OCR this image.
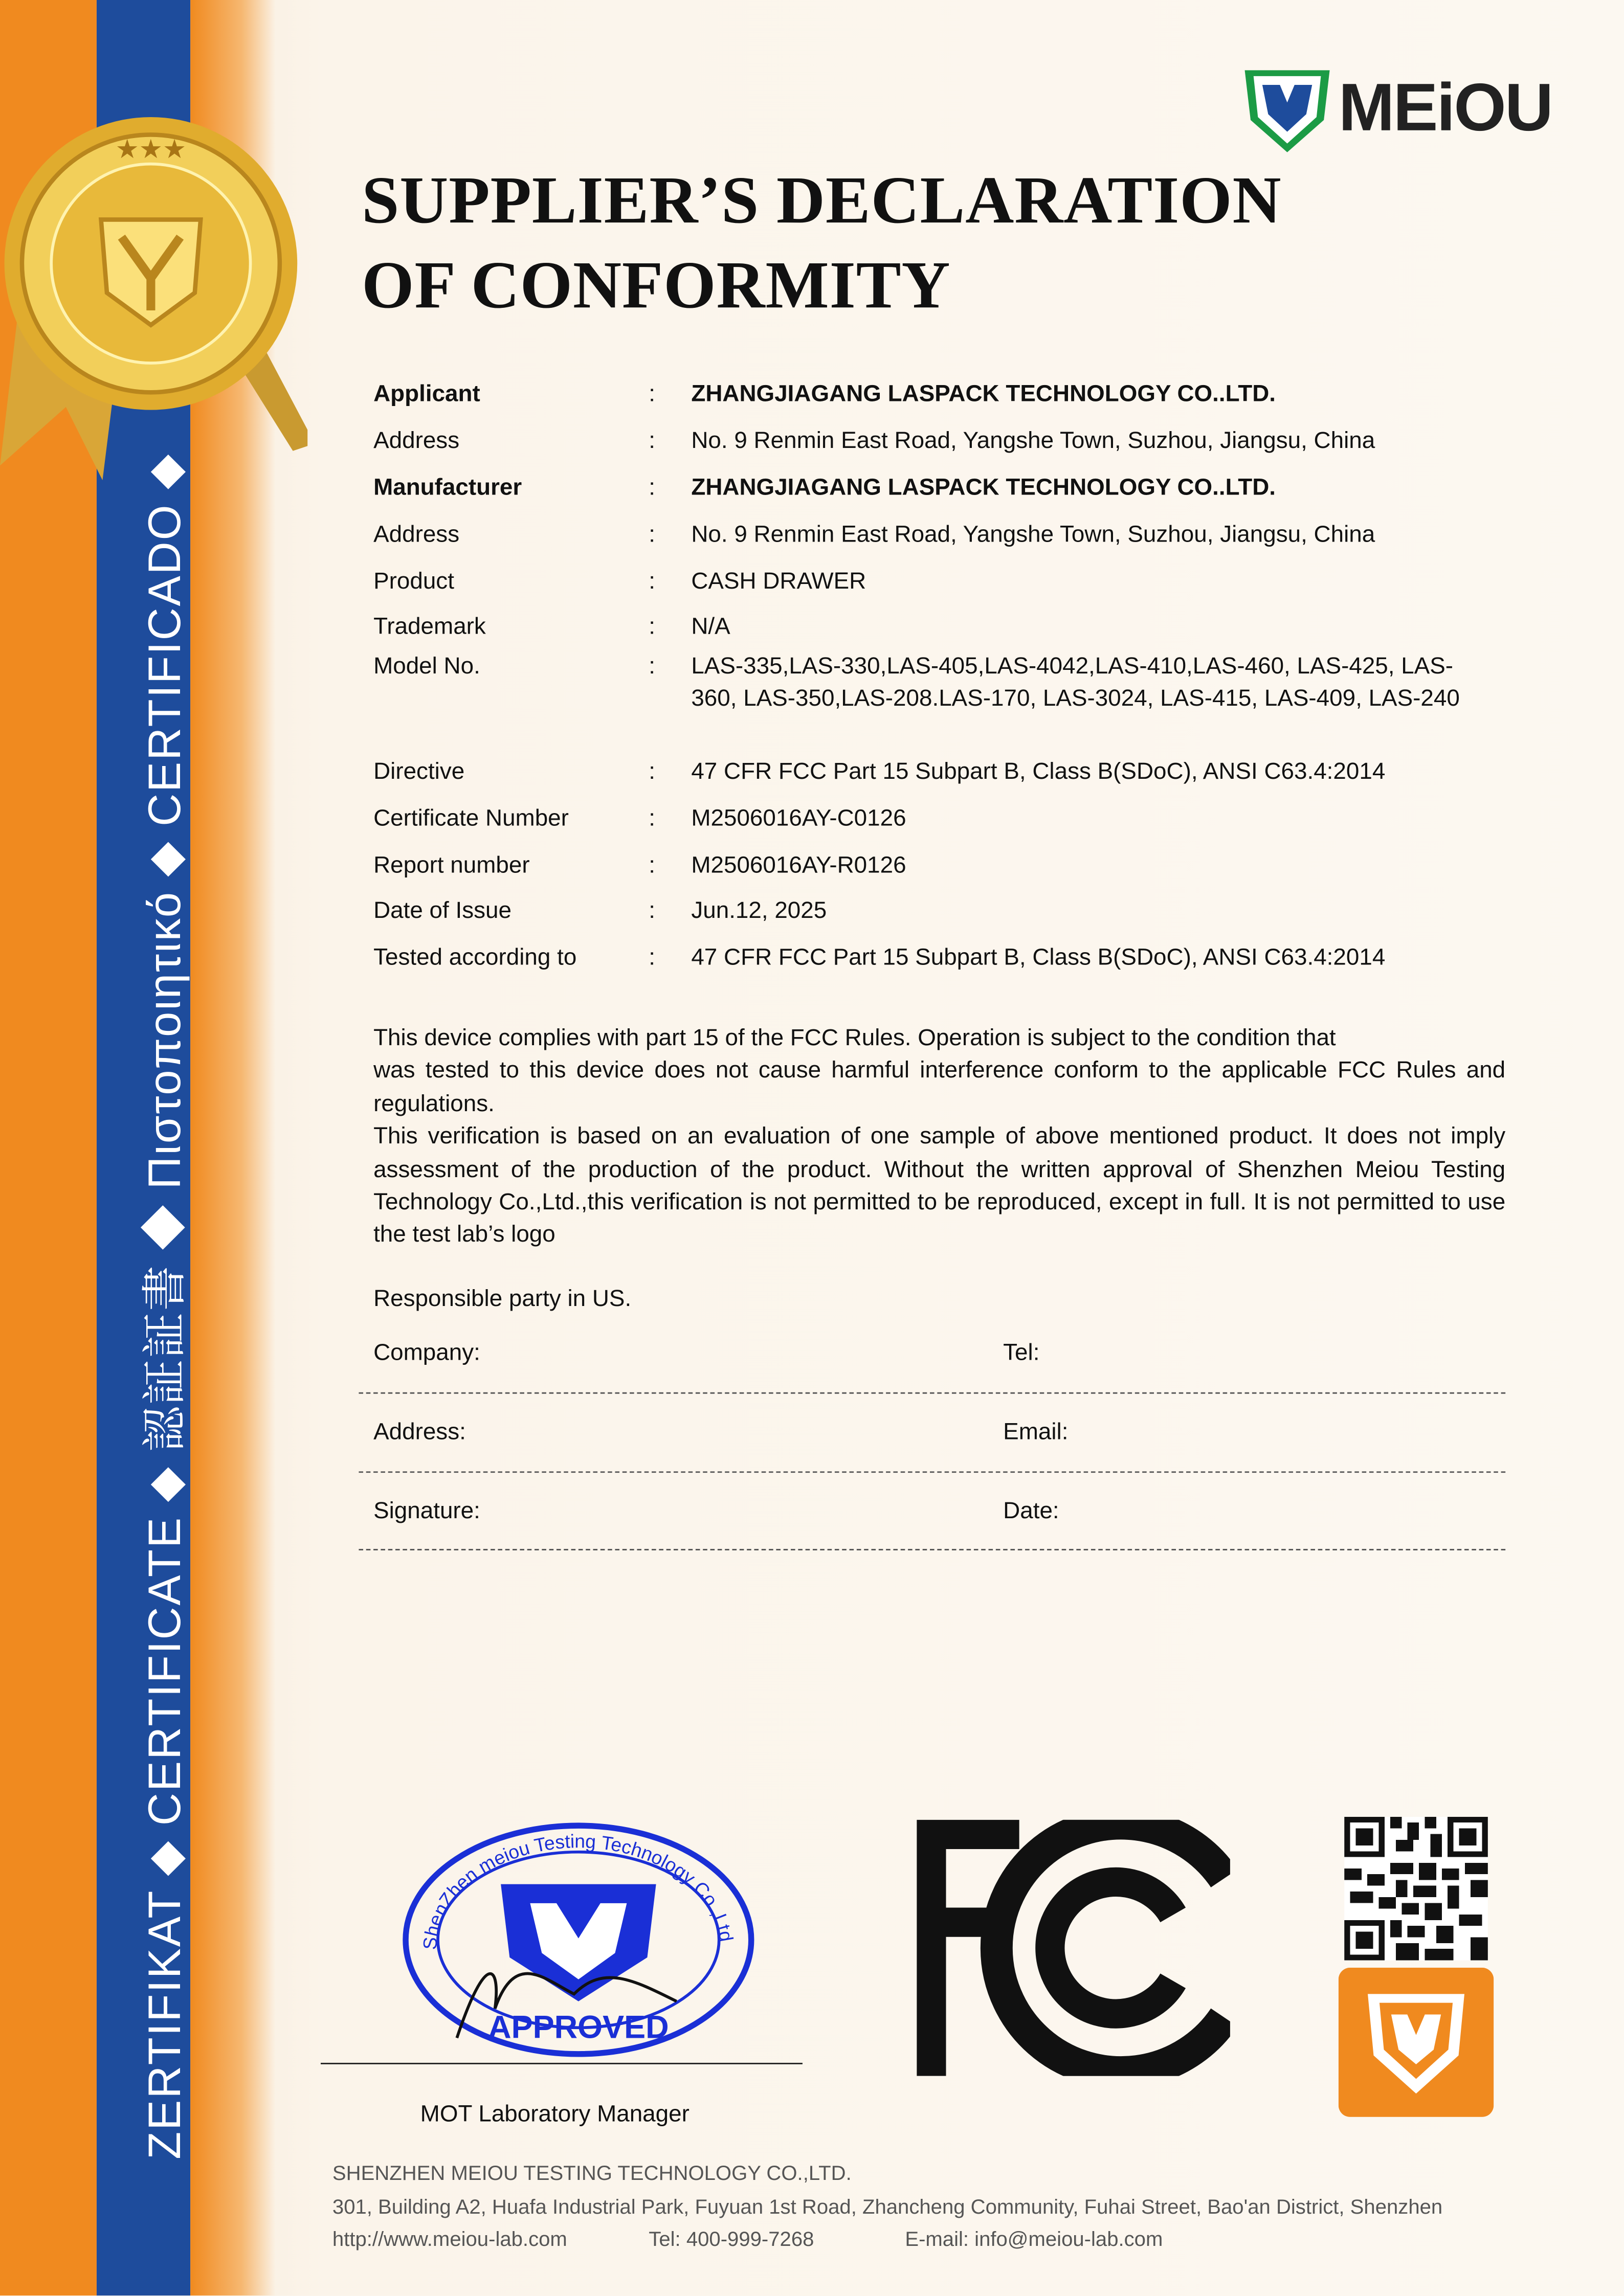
ZERTIFIKAT ◆ CERTIFICATE ◆ 認証証書 ◆ Πιστοποιητικό ◆ CERTIFICADO ◆
★★★
MEiOU
SUPPLIER’S DECLARATION
OF CONFORMITY
Applicant	:	ZHANGJIAGANG LASPACK TECHNOLOGY CO..LTD.
Address	:	No. 9 Renmin East Road, Yangshe Town, Suzhou, Jiangsu, China
Manufacturer	:	ZHANGJIAGANG LASPACK TECHNOLOGY CO..LTD.
Address	:	No. 9 Renmin East Road, Yangshe Town, Suzhou, Jiangsu, China
Product	:	CASH DRAWER
Trademark	:	N/A
Model No.	:	LAS-335,LAS-330,LAS-405,LAS-4042,LAS-410,LAS-460, LAS-425, LAS-360, LAS-350,LAS-208.LAS-170, LAS-3024, LAS-415, LAS-409, LAS-240
Directive	:	47 CFR FCC Part 15 Subpart B, Class B(SDoC), ANSI C63.4:2014
Certificate Number	:	M2506016AY-C0126
Report number	:	M2506016AY-R0126
Date of Issue	:	Jun.12, 2025
Tested according to	:	47 CFR FCC Part 15 Subpart B, Class B(SDoC), ANSI C63.4:2014
This device complies with part 15 of the FCC Rules. Operation is subject to the condition that
was tested to this device does not cause harmful interference conform to the applicable FCC Rules and regulations.
This verification is based on an evaluation of one sample of above mentioned product. It does not imply assessment of the production of the product. Without the written approval of Shenzhen Meiou Testing Technology Co.,Ltd.,this verification is not permitted to be reproduced, except in full. It is not permitted to use the test lab’s logo
Responsible party in US.
Company:	Tel:
Address:	Email:
Signature:	Date:
ShenZhen meiou Testing Technology Co.,Ltd
APPROVED
MOT Laboratory Manager
SHENZHEN MEIOU TESTING TECHNOLOGY CO.,LTD.
301, Building A2, Huafa Industrial Park, Fuyuan 1st Road, Zhancheng Community, Fuhai Street, Bao'an District, Shenzhen
http://www.meiou-lab.com	Tel: 400-999-7268	E-mail: info@meiou-lab.com
